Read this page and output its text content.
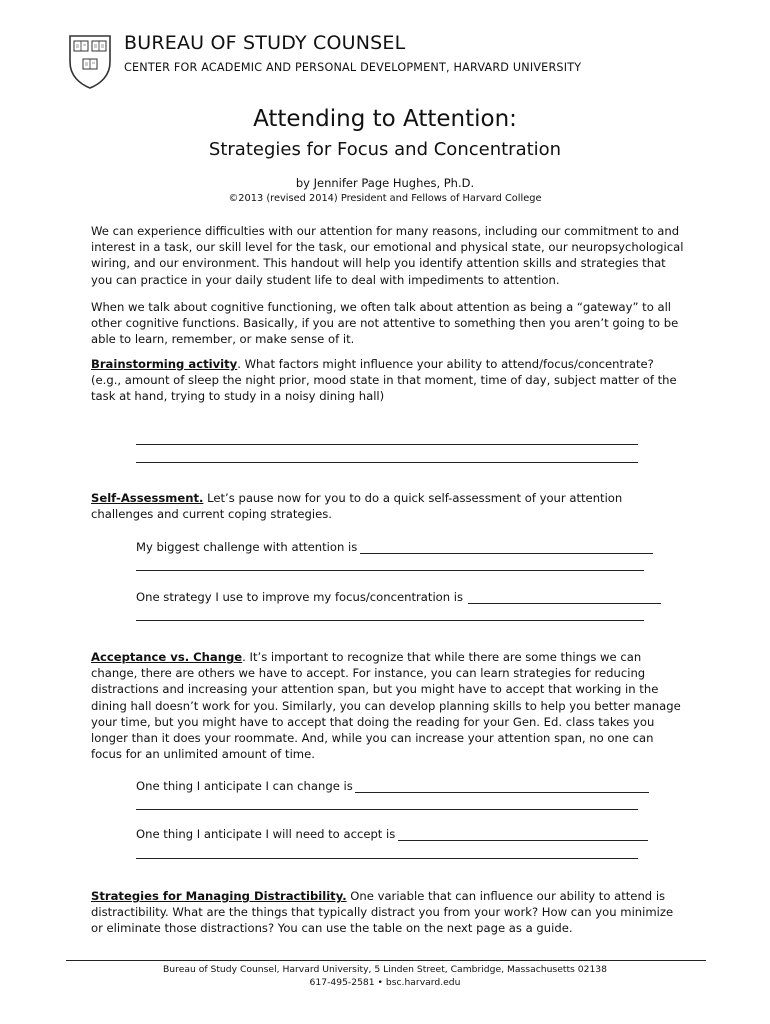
BUREAU OF STUDY COUNSEL
CENTER FOR ACADEMIC AND PERSONAL DEVELOPMENT, HARVARD UNIVERSITY
Attending to Attention:
Strategies for Focus and Concentration
by Jennifer Page Hughes, Ph.D.
©2013 (revised 2014) President and Fellows of Harvard College

We can experience difficulties with our attention for many reasons, including our commitment to and interest in a task, our skill level for the task, our emotional and physical state, our neuropsychological wiring, and our environment. This handout will help you identify attention skills and strategies that you can practice in your daily student life to deal with impediments to attention.

When we talk about cognitive functioning, we often talk about attention as being a “gateway” to all other cognitive functions. Basically, if you are not attentive to something then you aren’t going to be able to learn, remember, or make sense of it.

Brainstorming activity. What factors might influence your ability to attend/focus/concentrate? (e.g., amount of sleep the night prior, mood state in that moment, time of day, subject matter of the task at hand, trying to study in a noisy dining hall)

Self-Assessment. Let’s pause now for you to do a quick self-assessment of your attention challenges and current coping strategies.

My biggest challenge with attention is
One strategy I use to improve my focus/concentration is

Acceptance vs. Change. It’s important to recognize that while there are some things we can change, there are others we have to accept. For instance, you can learn strategies for reducing distractions and increasing your attention span, but you might have to accept that working in the dining hall doesn’t work for you. Similarly, you can develop planning skills to help you better manage your time, but you might have to accept that doing the reading for your Gen. Ed. class takes you longer than it does your roommate. And, while you can increase your attention span, no one can focus for an unlimited amount of time.

One thing I anticipate I can change is
One thing I anticipate I will need to accept is

Strategies for Managing Distractibility. One variable that can influence our ability to attend is distractibility. What are the things that typically distract you from your work? How can you minimize or eliminate those distractions? You can use the table on the next page as a guide.

Bureau of Study Counsel, Harvard University, 5 Linden Street, Cambridge, Massachusetts 02138
617-495-2581 • bsc.harvard.edu
